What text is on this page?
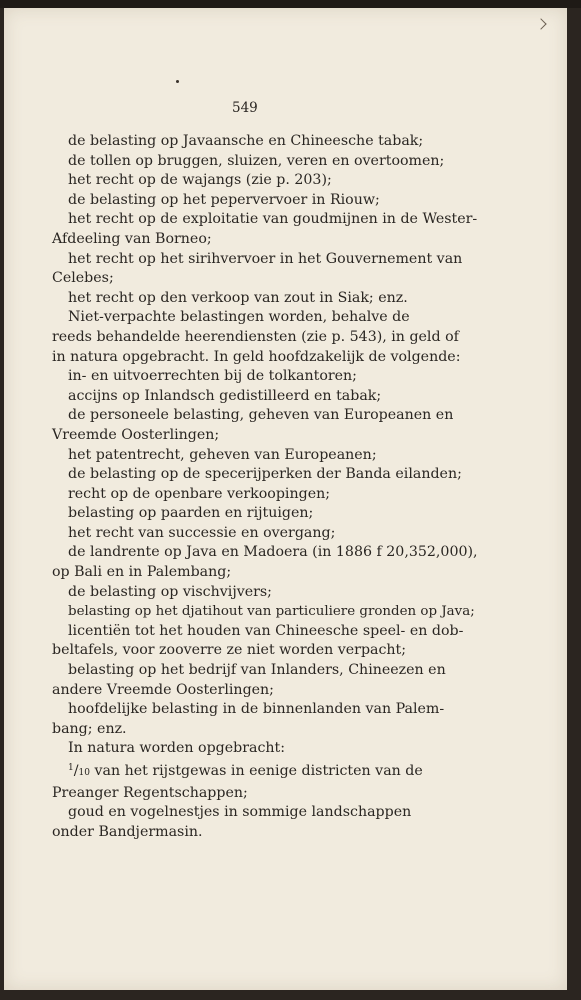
549
de belasting op Javaansche en Chineesche tabak;
de tollen op bruggen, sluizen, veren en overtoomen;
het recht op de wajangs (zie p. 203);
de belasting op het pepervervoer in Riouw;
het recht op de exploitatie van goudmijnen in de Wester-
Afdeeling van Borneo;
het recht op het sirihvervoer in het Gouvernement van
Celebes;
het recht op den verkoop van zout in Siak; enz.
Niet-verpachte belastingen worden, behalve de
reeds behandelde heerendiensten (zie p. 543), in geld of
in natura opgebracht. In geld hoofdzakelijk de volgende:
in- en uitvoerrechten bij de tolkantoren;
accijns op Inlandsch gedistilleerd en tabak;
de personeele belasting, geheven van Europeanen en
Vreemde Oosterlingen;
het patentrecht, geheven van Europeanen;
de belasting op de specerijperken der Banda eilanden;
recht op de openbare verkoopingen;
belasting op paarden en rijtuigen;
het recht van successie en overgang;
de landrente op Java en Madoera (in 1886 f 20,352,000),
op Bali en in Palembang;
de belasting op vischvijvers;
belasting op het djatihout van particuliere gronden op Java;
licentiën tot het houden van Chineesche speel- en dob-
beltafels, voor zooverre ze niet worden verpacht;
belasting op het bedrijf van Inlanders, Chineezen en
andere Vreemde Oosterlingen;
hoofdelijke belasting in de binnenlanden van Palem-
bang; enz.
In natura worden opgebracht:
$^1$/10 van het rijstgewas in eenige districten van de
Preanger Regentschappen;
goud en vogelnestjes in sommige landschappen
onder Bandjermasin.
